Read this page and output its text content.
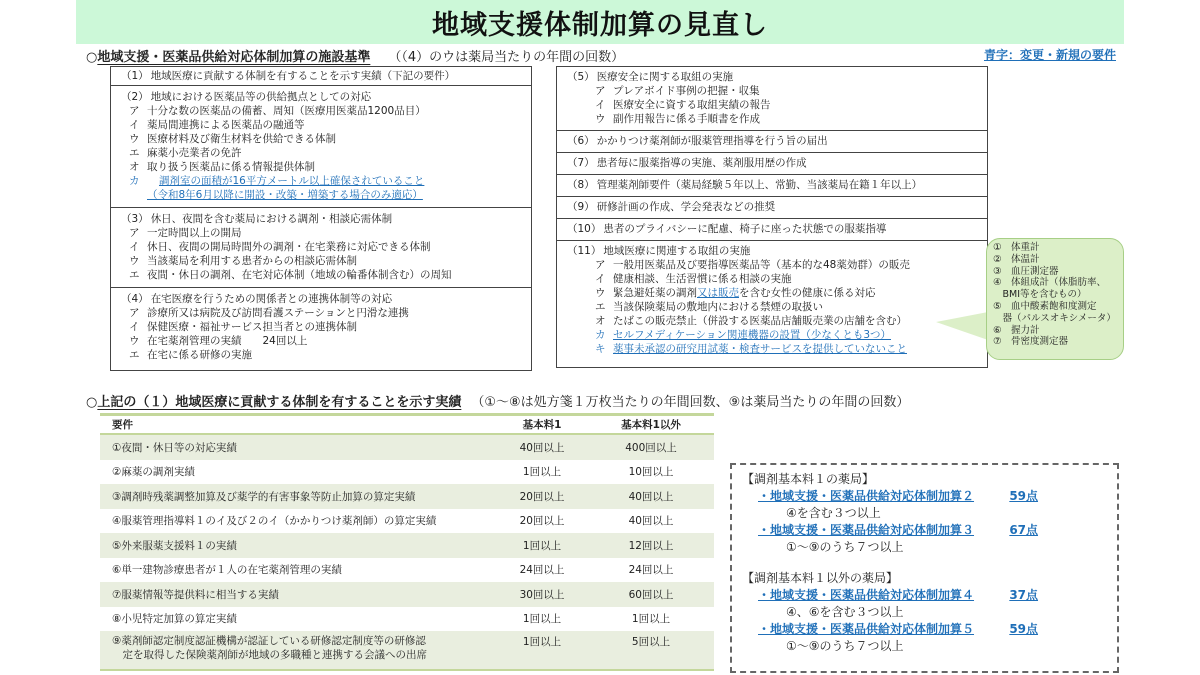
地域支援体制加算の見直し
○地域支援・医薬品供給対応体制加算の施設基準 （（4）のウは薬局当たりの年間の回数）	青字：変更・新規の要件
（1） 地域医療に貢献する体制を有することを示す実績（下記の要件）
（2） 地域における医薬品等の供給拠点としての対応
ア 十分な数の医薬品の備蓄、周知（医療用医薬品1200品目）
イ 薬局間連携による医薬品の融通等
ウ 医療材料及び衛生材料を供給できる体制
エ 麻薬小売業者の免許
オ 取り扱う医薬品に係る情報提供体制
カ 調剤室の面積が16平方メートル以上確保されていること
（令和8年6月以降に開設・改築・増築する場合のみ適応）
（3） 休日、夜間を含む薬局における調剤・相談応需体制
ア 一定時間以上の開局
イ 休日、夜間の開局時間外の調剤・在宅業務に対応できる体制
ウ 当該薬局を利用する患者からの相談応需体制
エ 夜間・休日の調剤、在宅対応体制（地域の輪番体制含む）の周知
（4） 在宅医療を行うための関係者との連携体制等の対応
ア 診療所又は病院及び訪問看護ステーションと円滑な連携
イ 保健医療・福祉サービス担当者との連携体制
ウ 在宅薬剤管理の実績　　24回以上
エ 在宅に係る研修の実施
（5） 医療安全に関する取組の実施
ア プレアボイド事例の把握・収集
イ 医療安全に資する取組実績の報告
ウ 副作用報告に係る手順書を作成
（6） かかりつけ薬剤師が服薬管理指導を行う旨の届出
（7） 患者毎に服薬指導の実施、薬剤服用歴の作成
（8） 管理薬剤師要件（薬局経験５年以上、常勤、当該薬局在籍１年以上）
（9） 研修計画の作成、学会発表などの推奨
（10） 患者のプライバシーに配慮、椅子に座った状態での服薬指導
（11） 地域医療に関連する取組の実施
ア 一般用医薬品及び要指導医薬品等（基本的な48薬効群）の販売
イ 健康相談、生活習慣に係る相談の実施
ウ 緊急避妊薬の調剤又は販売を含む女性の健康に係る対応
エ 当該保険薬局の敷地内における禁煙の取扱い
オ たばこの販売禁止（併設する医薬品店舗販売業の店舗を含む）
カ セルフメディケーション関連機器の設置（少なくとも3つ）
キ 薬事未承認の研究用試薬・検査サービスを提供していないこと
①　体重計
②　体温計
③　血圧測定器
④　体組成計（体脂肪率、
　BMI等を含むもの）
⑤　血中酸素飽和度測定
　器（パルスオキシメータ）
⑥　握力計
⑦　骨密度測定器
○上記の（１）地域医療に貢献する体制を有することを示す実績 （①～⑧は処方箋１万枚当たりの年間回数、⑨は薬局当たりの年間の回数）
要件	基本料1	基本料1以外
①夜間・休日等の対応実績	40回以上	400回以上
②麻薬の調剤実績	1回以上	10回以上
③調剤時残薬調整加算及び薬学的有害事象等防止加算の算定実績	20回以上	40回以上
④服薬管理指導料１のイ及び２のイ（かかりつけ薬剤師）の算定実績	20回以上	40回以上
⑤外来服薬支援料１の実績	1回以上	12回以上
⑥単一建物診療患者が１人の在宅薬剤管理の実績	24回以上	24回以上
⑦服薬情報等提供料に相当する実績	30回以上	60回以上
⑧小児特定加算の算定実績	1回以上	1回以上
⑨薬剤師認定制度認証機構が認証している研修認定制度等の研修認
　定を取得した保険薬剤師が地域の多職種と連携する会議への出席
1回以上	5回以上
【調剤基本料１の薬局】
・地域支援・医薬品供給対応体制加算２	59点
④を含む３つ以上
・地域支援・医薬品供給対応体制加算３	67点
①～⑨のうち７つ以上
【調剤基本料１以外の薬局】
・地域支援・医薬品供給対応体制加算４	37点
④、⑥を含む３つ以上
・地域支援・医薬品供給対応体制加算５	59点
①～⑨のうち７つ以上
